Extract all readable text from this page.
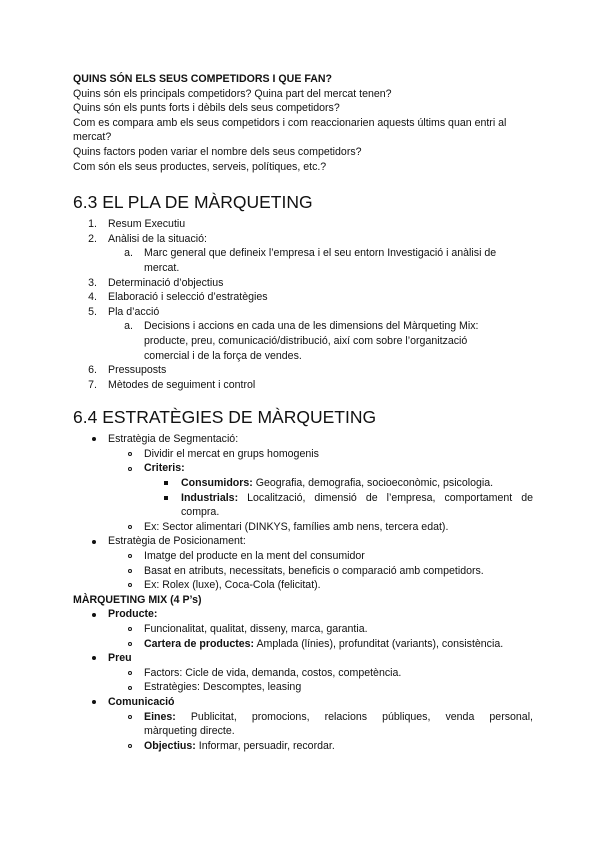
QUINS SÓN ELS SEUS COMPETIDORS I QUE FAN?
Quins són els principals competidors? Quina part del mercat tenen?
Quins són els punts forts i dèbils dels seus competidors?
Com es compara amb els seus competidors i com reaccionarien aquests últims quan entri al
mercat?
Quins factors poden variar el nombre dels seus competidors?
Com són els seus productes, serveis, polítiques, etc.?
6.3 EL PLA DE MÀRQUETING
1. Resum Executiu
2. Anàlisi de la situació:
a. Marc general que defineix l’empresa i el seu entorn Investigació i anàlisi de
mercat.
3. Determinació d’objectius
4. Elaboració i selecció d’estratègies
5. Pla d’acció
a. Decisions i accions en cada una de les dimensions del Màrqueting Mix:
producte, preu, comunicació/distribució, així com sobre l’organització
comercial i de la força de vendes.
6. Pressuposts
7. Mètodes de seguiment i control
6.4 ESTRATÈGIES DE MÀRQUETING
Estratègia de Segmentació:
Dividir el mercat en grups homogenis
Criteris:
Consumidors: Geografia, demografia, socioeconòmic, psicologia.
Industrials: Localització, dimensió de l’empresa, comportament de
compra.
Ex: Sector alimentari (DINKYS, famílies amb nens, tercera edat).
Estratègia de Posicionament:
Imatge del producte en la ment del consumidor
Basat en atributs, necessitats, beneficis o comparació amb competidors.
Ex: Rolex (luxe), Coca-Cola (felicitat).
MÀRQUETING MIX (4 P’s)
Producte:
Funcionalitat, qualitat, disseny, marca, garantia.
Cartera de productes: Amplada (línies), profunditat (variants), consistència.
Preu
Factors: Cicle de vida, demanda, costos, competència.
Estratègies: Descomptes, leasing
Comunicació
Eines: Publicitat, promocions, relacions públiques, venda personal,
màrqueting directe.
Objectius: Informar, persuadir, recordar.
